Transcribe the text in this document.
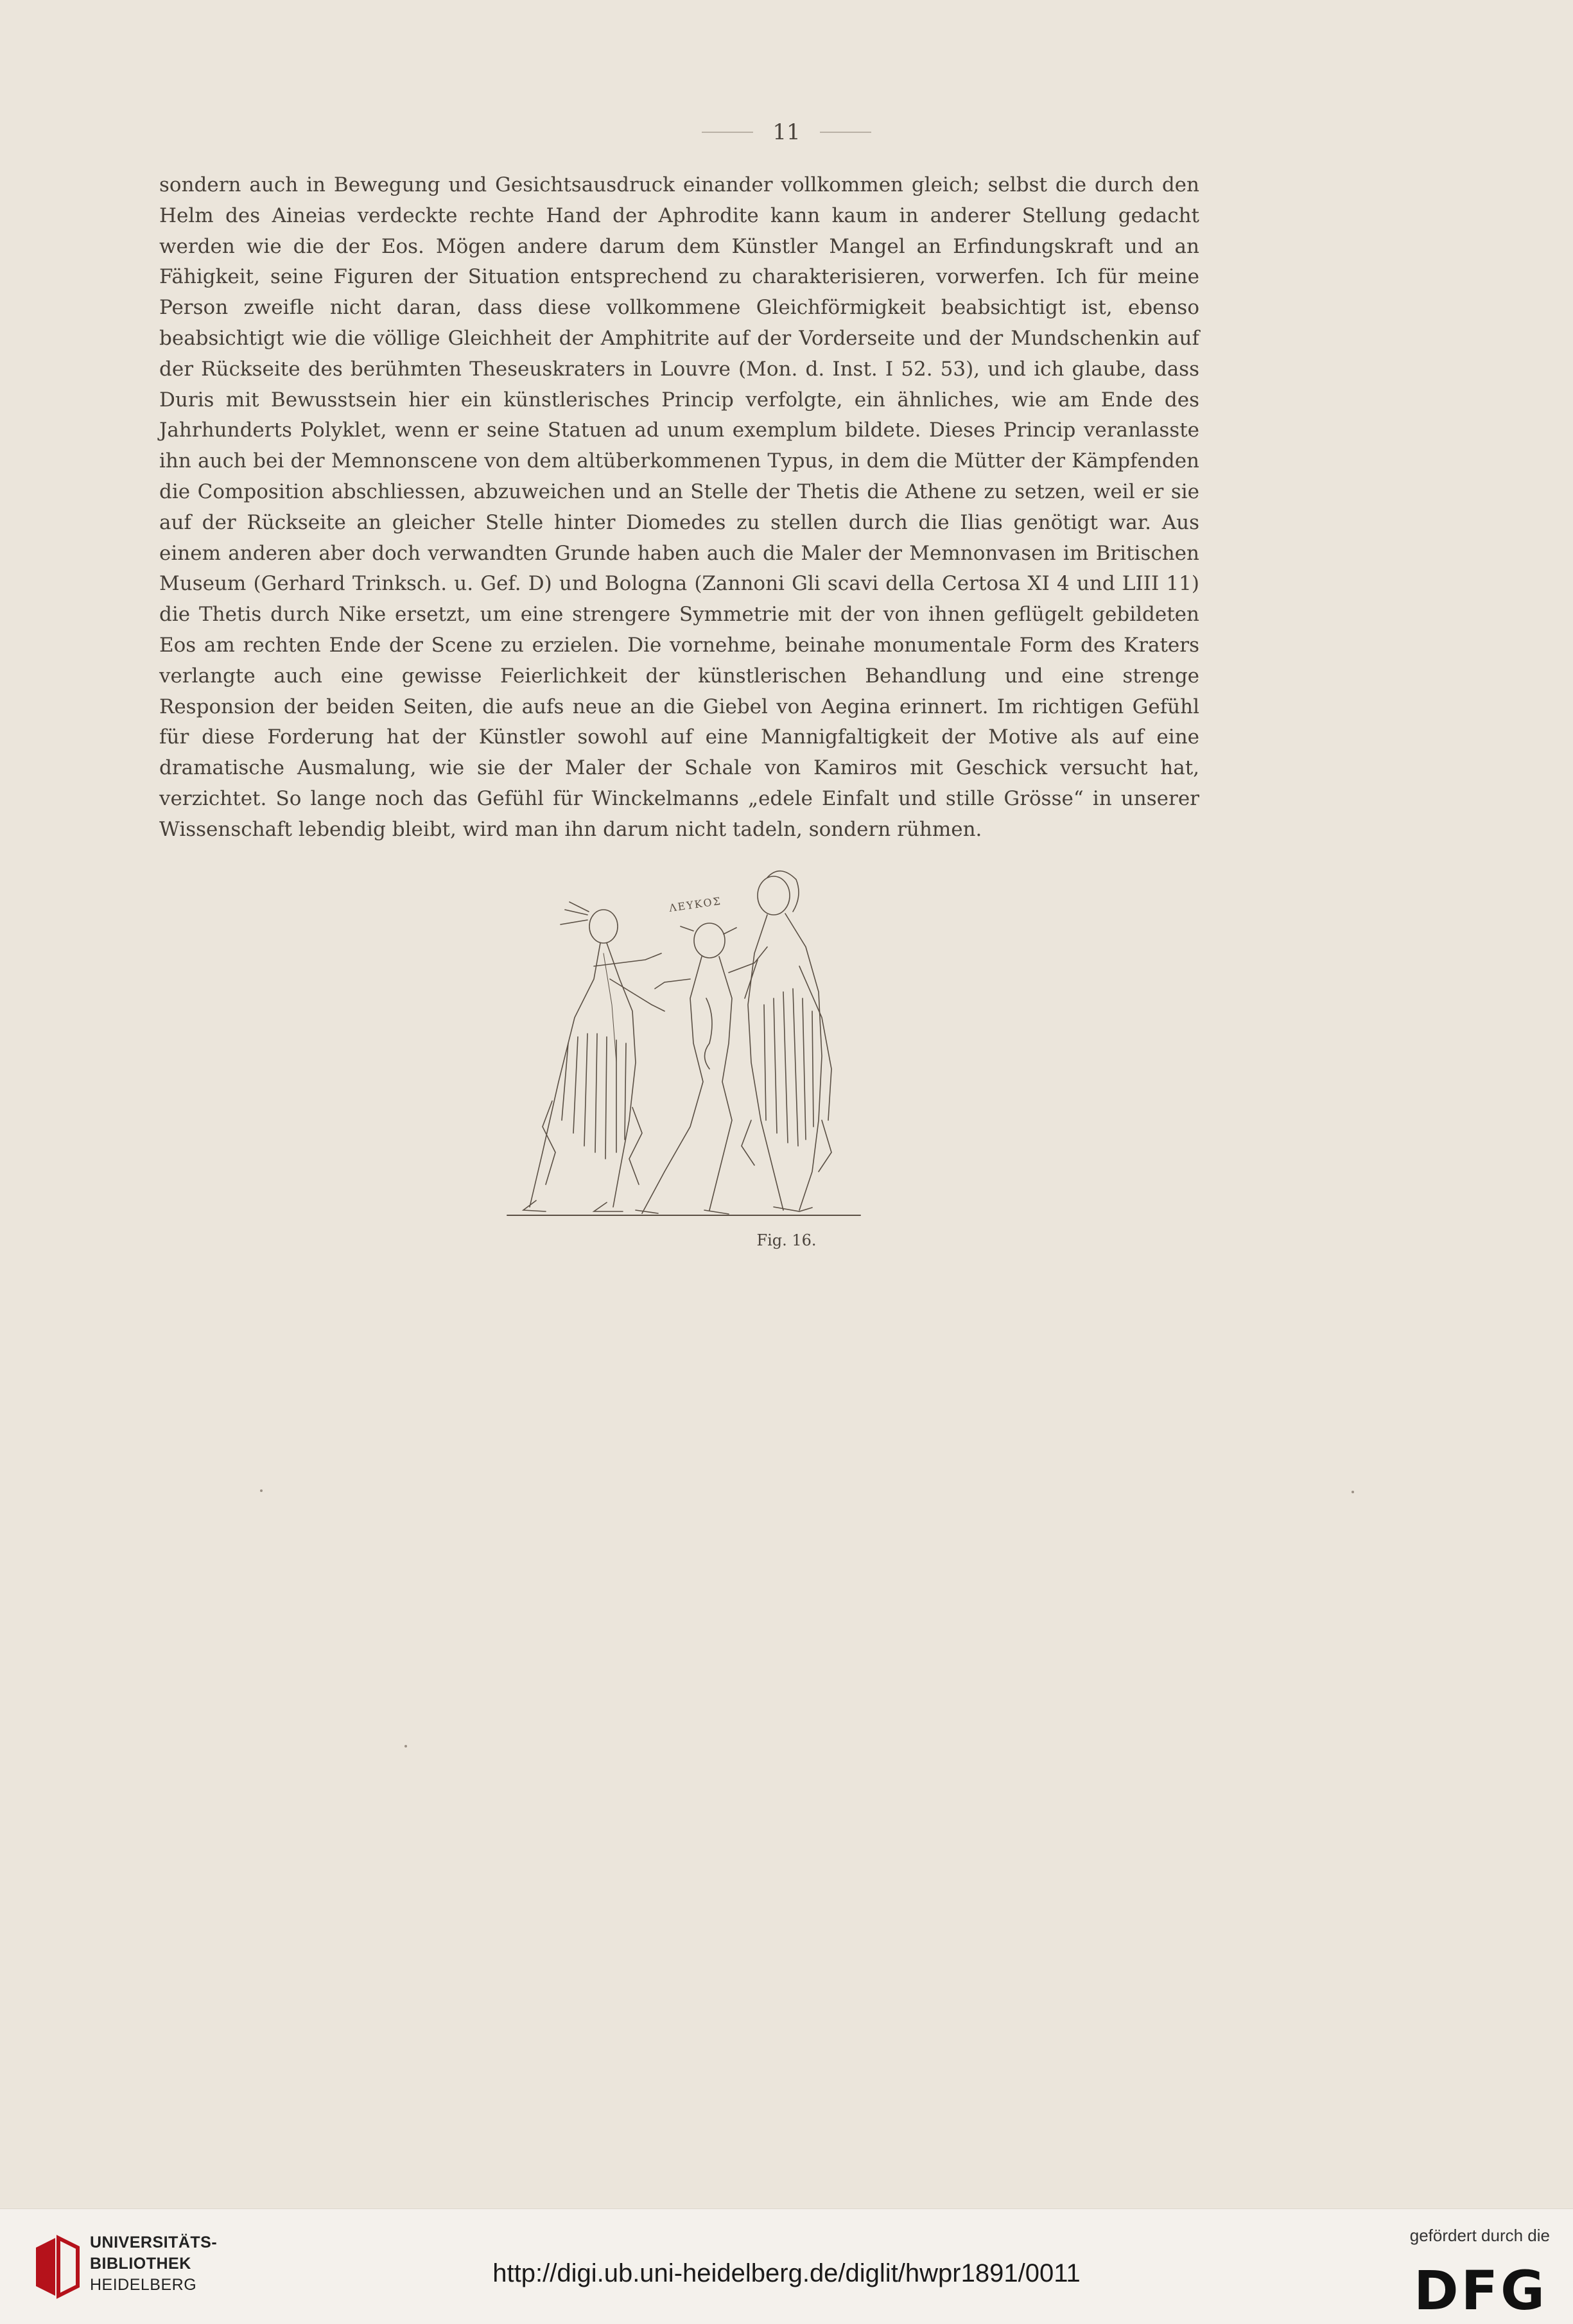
11

sondern auch in Bewegung und Gesichtsausdruck einander vollkommen gleich; selbst die durch den Helm des Aineias verdeckte rechte Hand der Aphrodite kann kaum in anderer Stellung gedacht werden wie die der Eos. Mögen andere darum dem Künstler Mangel an Erfindungskraft und an Fähigkeit, seine Figuren der Situation entsprechend zu charakterisieren, vorwerfen. Ich für meine Person zweifle nicht daran, dass diese vollkommene Gleichförmigkeit beabsichtigt ist, ebenso beabsichtigt wie die völlige Gleichheit der Amphitrite auf der Vorderseite und der Mundschenkin auf der Rückseite des berühmten Theseuskraters in Louvre (Mon. d. Inst. I 52. 53), und ich glaube, dass Duris mit Bewusstsein hier ein künstlerisches Princip verfolgte, ein ähnliches, wie am Ende des Jahrhunderts Polyklet, wenn er seine Statuen ad unum exemplum bildete. Dieses Princip veranlasste ihn auch bei der Memnonscene von dem altüberkommenen Typus, in dem die Mütter der Kämpfenden die Composition abschliessen, abzuweichen und an Stelle der Thetis die Athene zu setzen, weil er sie auf der Rückseite an gleicher Stelle hinter Diomedes zu stellen durch die Ilias genötigt war. Aus einem anderen aber doch verwandten Grunde haben auch die Maler der Memnonvasen im Britischen Museum (Gerhard Trinksch. u. Gef. D) und Bologna (Zannoni Gli scavi della Certosa XI 4 und LIII 11) die Thetis durch Nike ersetzt, um eine strengere Symmetrie mit der von ihnen geflügelt gebildeten Eos am rechten Ende der Scene zu erzielen. Die vornehme, beinahe monumentale Form des Kraters verlangte auch eine gewisse Feierlichkeit der künstlerischen Behandlung und eine strenge Responsion der beiden Seiten, die aufs neue an die Giebel von Aegina erinnert. Im richtigen Gefühl für diese Forderung hat der Künstler sowohl auf eine Mannigfaltigkeit der Motive als auf eine dramatische Ausmalung, wie sie der Maler der Schale von Kamiros mit Geschick versucht hat, verzichtet. So lange noch das Gefühl für Winckelmanns „edele Einfalt und stille Grösse“ in unserer Wissenschaft lebendig bleibt, wird man ihn darum nicht tadeln, sondern rühmen.

ΛΕΥΚΟΣ
Fig. 16.
UNIVERSITÄTS-
BIBLIOTHEK
HEIDELBERG	http://digi.ub.uni-heidelberg.de/diglit/hwpr1891/0011
gefördert durch die
DFG
